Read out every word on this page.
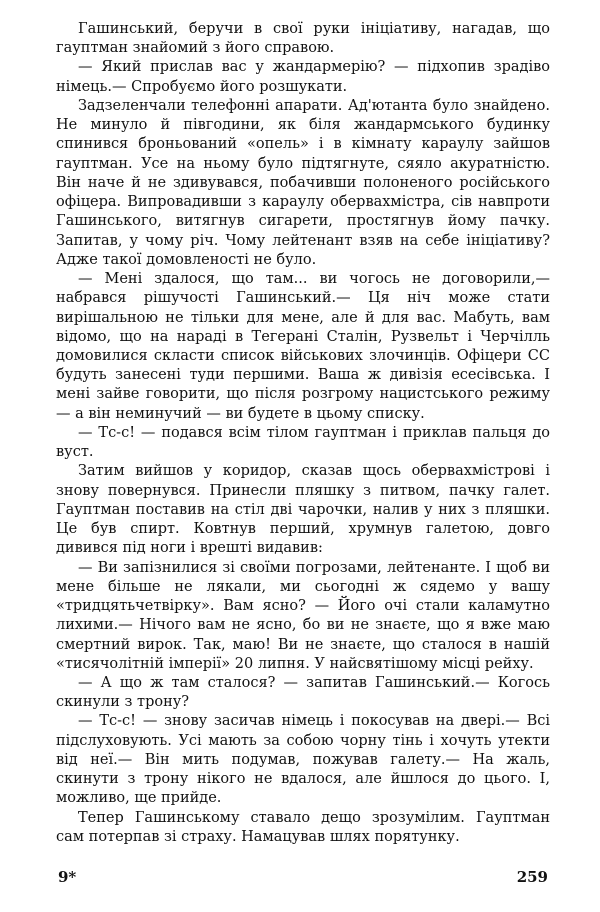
Гашинський, беручи в свої руки ініціативу, нагадав, що гауптман знайомий з його справою.

— Який прислав вас у жандармерію? — підхопив зрадіво німець.— Спробуємо його розшукати.

Задзеленчали телефонні апарати. Ад'ютанта було знайдено. Не минуло й півгодини, як біля жандармського будинку спинився броньований «опель» і в кімнату караулу зайшов гауптман. Усе на ньому було підтягнуте, сяяло акуратністю. Він наче й не здивувався, побачивши полоненого російського офіцера. Випровадивши з караулу обервахмістра, сів навпроти Гашинського, витягнув сигарети, простягнув йому пачку. Запитав, у чому річ. Чому лейтенант взяв на себе ініціативу? Адже такої домовленості не було.

— Мені здалося, що там... ви чогось не договорили,— набрався рішучості Гашинський.— Ця ніч може стати вирішальною не тільки для мене, але й для вас. Мабуть, вам відомо, що на нараді в Тегерані Сталін, Рузвельт і Черчілль домовилися скласти список військових злочинців. Офіцери СС будуть занесені туди першими. Ваша ж дивізія есесівська. І мені зайве говорити, що після розгрому нацистського режиму — а він неминучий — ви будете в цьому списку.

— Тс-с! — подався всім тілом гауптман і приклав пальця до вуст.

Затим вийшов у коридор, сказав щось обервахмістрові і знову повернувся. Принесли пляшку з питвом, пачку галет. Гауптман поставив на стіл дві чарочки, налив у них з пляшки. Це був спирт. Ковтнув перший, хрумнув галетою, довго дивився під ноги і врешті видавив:

— Ви запізнилися зі своїми погрозами, лейтенанте. І щоб ви мене більше не лякали, ми сьогодні ж сядемо у вашу «тридцятьчетвірку». Вам ясно? — Його очі стали каламутно лихими.— Нічого вам не ясно, бо ви не знаєте, що я вже маю смертний вирок. Так, маю! Ви не знаєте, що сталося в нашій «тисячолітній імперії» 20 липня. У найсвятішому місці рейху.

— А що ж там сталося? — запитав Гашинський.— Когось скинули з трону?

— Тс-с! — знову засичав німець і покосував на двері.— Всі підслуховують. Усі мають за собою чорну тінь і хочуть утекти від неї.— Він мить подумав, пожував галету.— На жаль, скинути з трону нікого не вдалося, але йшлося до цього. І, можливо, ще прийде.

Тепер Гашинському ставало дещо зрозумілим. Гауптман сам потерпав зі страху. Намацував шлях порятунку.

9*	259
